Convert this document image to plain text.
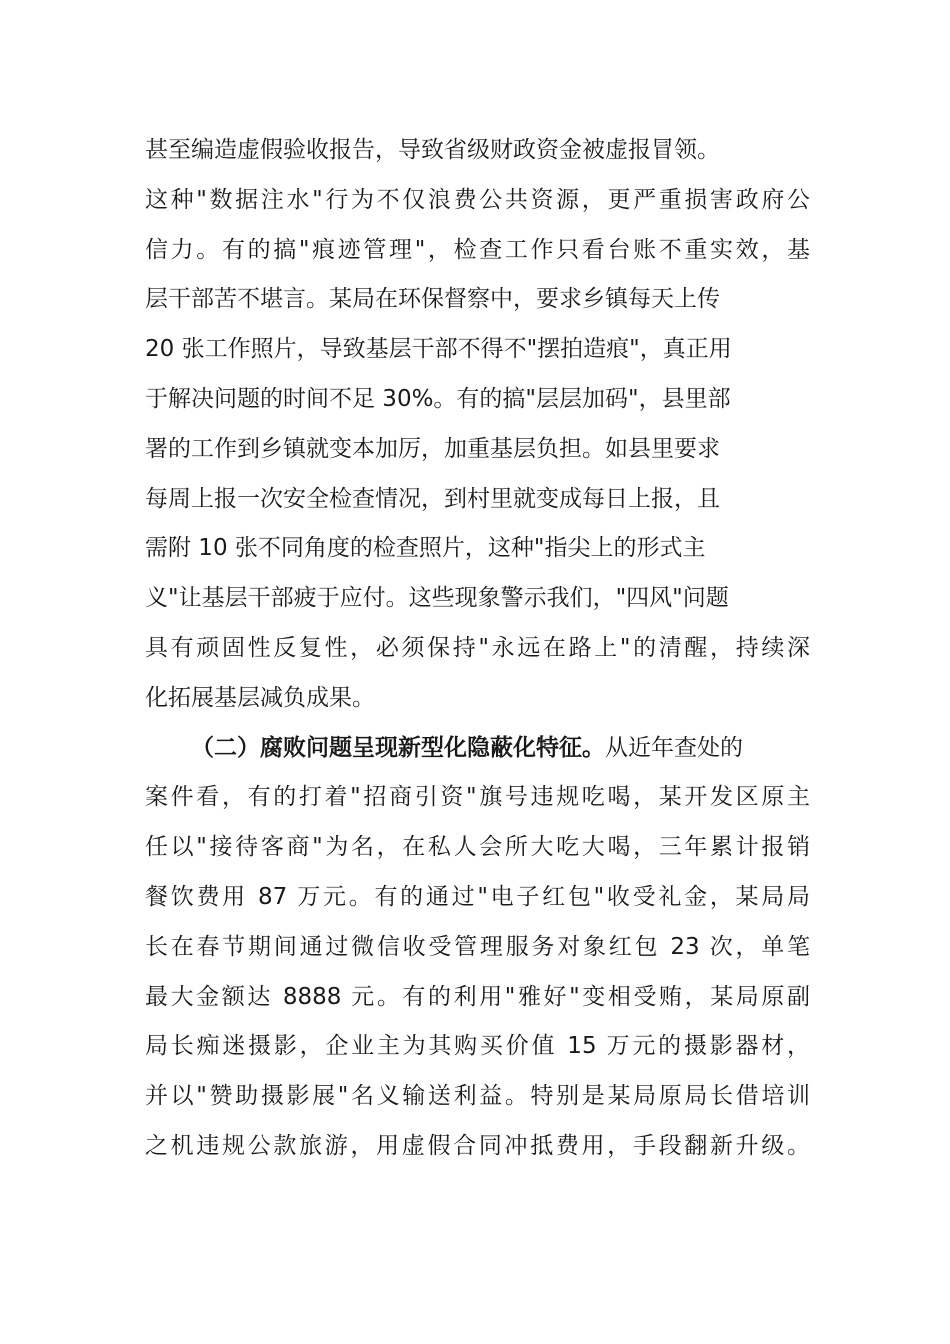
甚至编造虚假验收报告，导致省级财政资金被虚报冒领。
这种"数据注水"行为不仅浪费公共资源，更严重损害政府公
信力。有的搞"痕迹管理"，检查工作只看台账不重实效，基
层干部苦不堪言。某局在环保督察中，要求乡镇每天上传
20 张工作照片，导致基层干部不得不"摆拍造痕"，真正用
于解决问题的时间不足 30%。有的搞"层层加码"，县里部
署的工作到乡镇就变本加厉，加重基层负担。如县里要求
每周上报一次安全检查情况，到村里就变成每日上报，且
需附 10 张不同角度的检查照片，这种"指尖上的形式主
义"让基层干部疲于应付。这些现象警示我们，"四风"问题
具有顽固性反复性，必须保持"永远在路上"的清醒，持续深
化拓展基层减负成果。
（二）腐败问题呈现新型化隐蔽化特征。从近年查处的
案件看，有的打着"招商引资"旗号违规吃喝，某开发区原主
任以"接待客商"为名，在私人会所大吃大喝，三年累计报销
餐饮费用 87 万元。有的通过"电子红包"收受礼金，某局局
长在春节期间通过微信收受管理服务对象红包 23 次，单笔
最大金额达 8888 元。有的利用"雅好"变相受贿，某局原副
局长痴迷摄影，企业主为其购买价值 15 万元的摄影器材，
并以"赞助摄影展"名义输送利益。特别是某局原局长借培训
之机违规公款旅游，用虚假合同冲抵费用，手段翻新升级。
